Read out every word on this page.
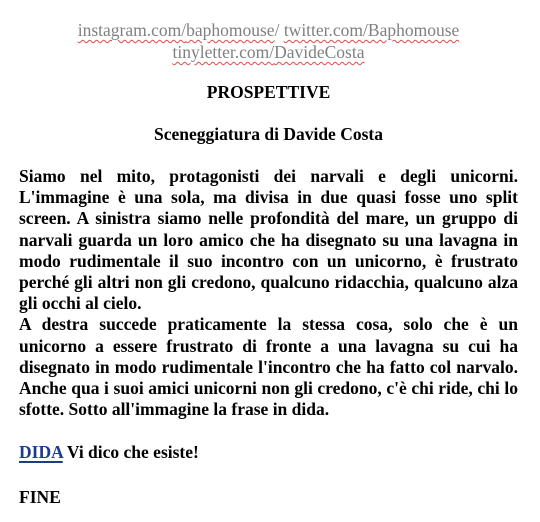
instagram.com/baphomouse/ twitter.com/Baphomouse
tinyletter.com/DavideCosta
PROSPETTIVE
Sceneggiatura di Davide Costa

Siamo nel mito, protagonisti dei narvali e degli unicorni. L'immagine è una sola, ma divisa in due quasi fosse uno split screen. A sinistra siamo nelle profondità del mare, un gruppo di narvali guarda un loro amico che ha disegnato su una lavagna in modo rudimentale il suo incontro con un unicorno, è frustrato perché gli altri non gli credono, qualcuno ridacchia, qualcuno alza gli occhi al cielo.

A destra succede praticamente la stessa cosa, solo che è un unicorno a essere frustrato di fronte a una lavagna su cui ha disegnato in modo rudimentale l'incontro che ha fatto col narvalo. Anche qua i suoi amici unicorni non gli credono, c'è chi ride, chi lo sfotte. Sotto all'immagine la frase in dida.

DIDA Vi dico che esiste!
FINE
